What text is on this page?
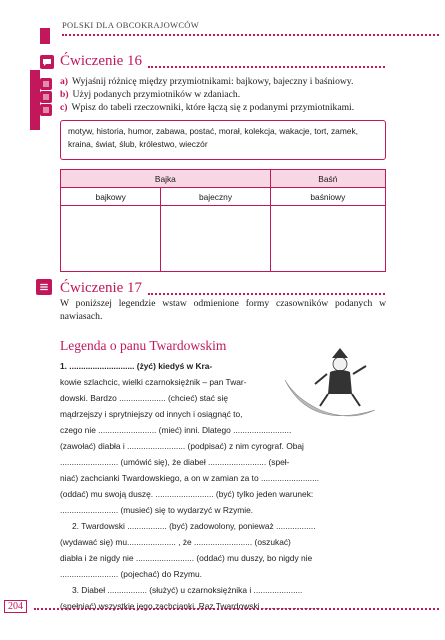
POLSKI DLA OBCOKRAJOWCÓW
Ćwiczenie 16
a) Wyjaśnij różnicę między przymiotnikami: bajkowy, bajeczny i baśniowy.
b) Użyj podanych przymiotników w zdaniach.
c) Wpisz do tabeli rzeczowniki, które łączą się z podanymi przymiotnikami.
motyw, historia, humor, zabawa, postać, morał, kolekcja, wakacje, tort, zamek, kraina, świat, ślub, królestwo, wieczór
Bajka		Baśń
bajkowy	bajeczny	baśniowy

Ćwiczenie 17
W poniższej legendzie wstaw odmienione formy czasowników podanych w nawiasach.
Legenda o panu Twardowskim

1. ............................ (żyć) kiedyś w Kra-

kowie szlachcic, wielki czarnoksiężnik – pan Twar-

dowski. Bardzo .................... (chcieć) stać się

mądrzejszy i sprytniejszy od innych i osiągnąć to,

czego nie ......................... (mieć) inni. Dlatego .........................

(zawołać) diabła i ......................... (podpisać) z nim cyrograf. Obaj

......................... (umówić się), że diabeł ......................... (speł-

niać) zachcianki Twardowskiego, a on w zamian za to .........................

(oddać) mu swoją duszę. ......................... (być) tylko jeden warunek:

......................... (musieć) się to wydarzyć w Rzymie.

2. Twardowski ................. (być) zadowolony, ponieważ .................

(wydawać się) mu..................... , że ......................... (oszukać)

diabła i że nigdy nie ......................... (oddać) mu duszy, bo nigdy nie

......................... (pojechać) do Rzymu.

3. Diabeł ................. (służyć) u czarnoksiężnika i .....................

(spełniać) wszystkie jego zachcianki. Raz Twardowski .........................

204
